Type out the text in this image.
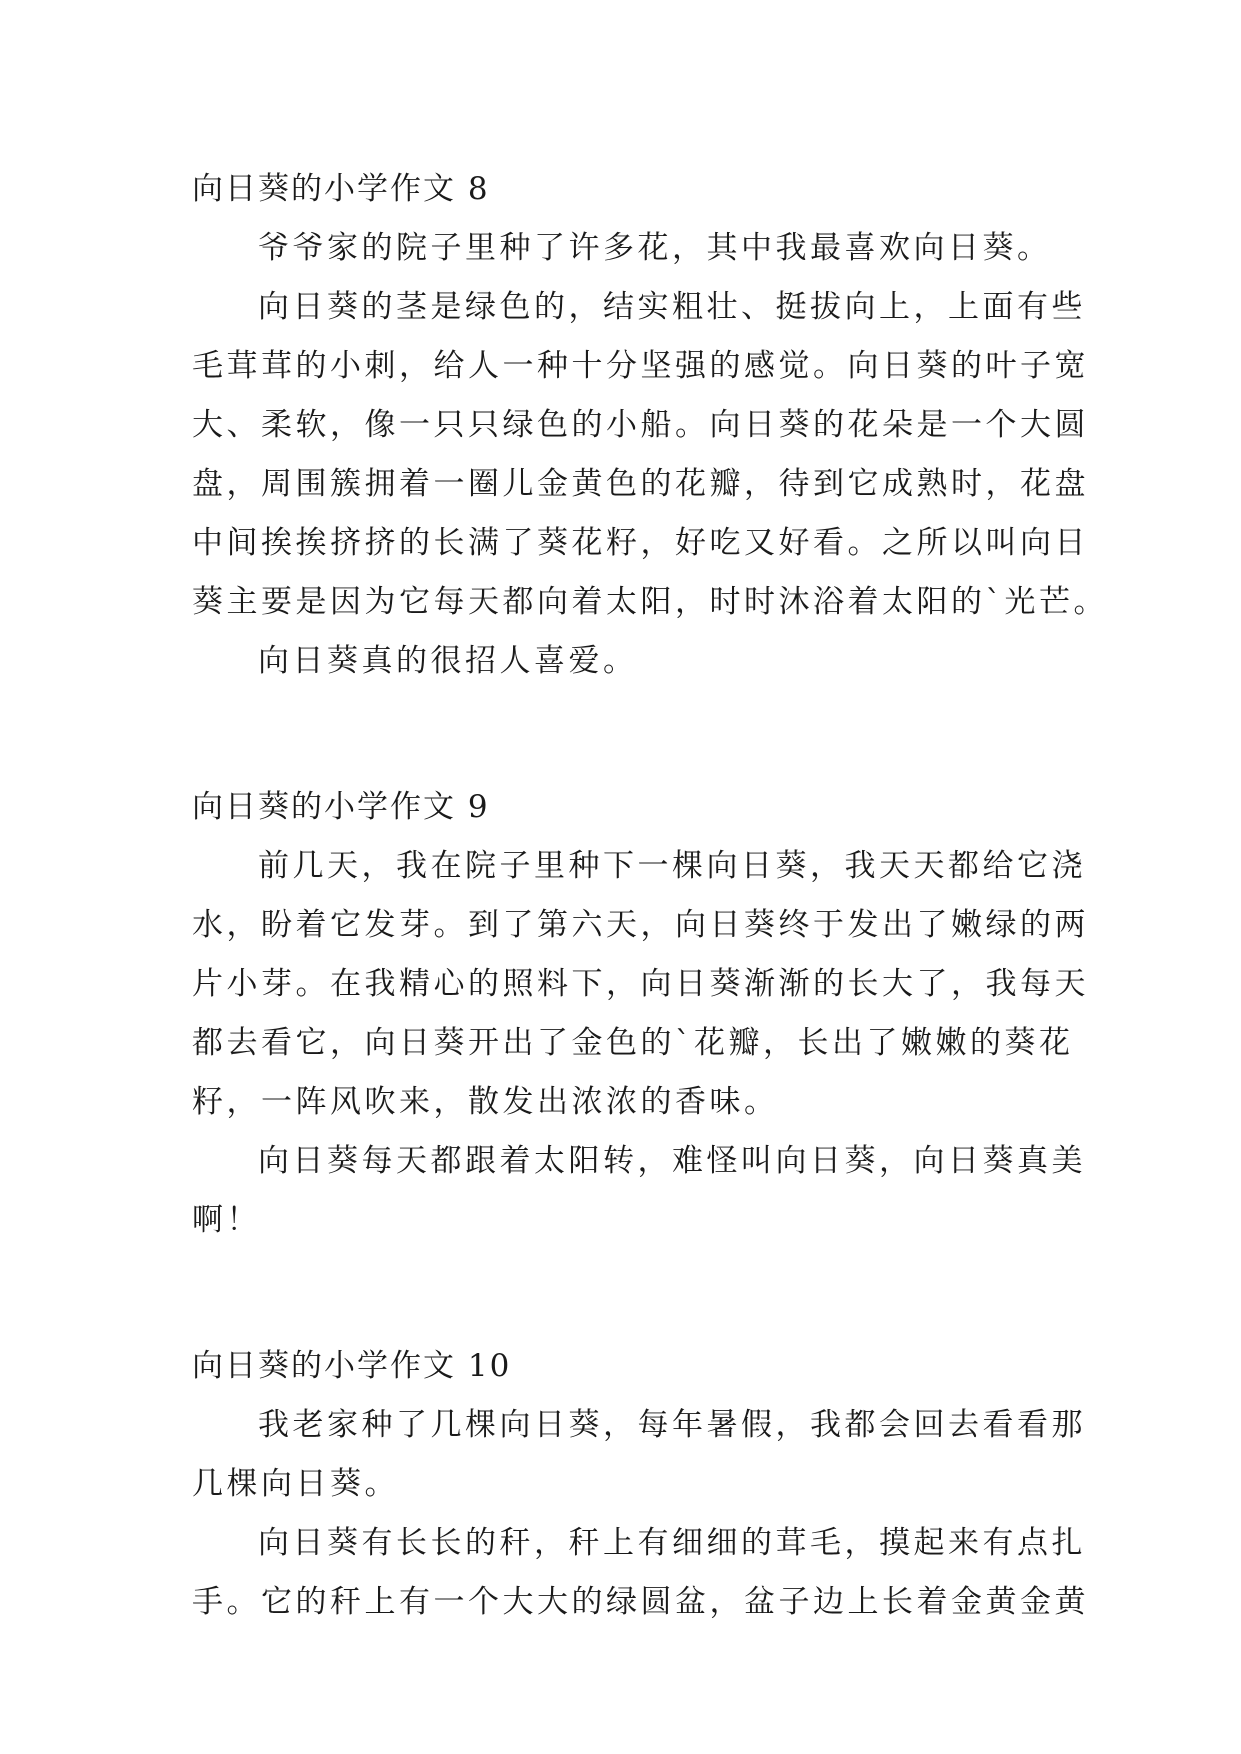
向日葵的小学作文 8
爷爷家的院子里种了许多花，其中我最喜欢向日葵。
向日葵的茎是绿色的，结实粗壮、挺拔向上，上面有些
毛茸茸的小刺，给人一种十分坚强的感觉。向日葵的叶子宽
大、柔软，像一只只绿色的小船。向日葵的花朵是一个大圆
盘，周围簇拥着一圈儿金黄色的花瓣，待到它成熟时，花盘
中间挨挨挤挤的长满了葵花籽，好吃又好看。之所以叫向日
葵主要是因为它每天都向着太阳，时时沐浴着太阳的`光芒。
向日葵真的很招人喜爱。
向日葵的小学作文 9
前几天，我在院子里种下一棵向日葵，我天天都给它浇
水，盼着它发芽。到了第六天，向日葵终于发出了嫩绿的两
片小芽。在我精心的照料下，向日葵渐渐的长大了，我每天
都去看它，向日葵开出了金色的`花瓣，长出了嫩嫩的葵花
籽，一阵风吹来，散发出浓浓的香味。
向日葵每天都跟着太阳转，难怪叫向日葵，向日葵真美
啊！
向日葵的小学作文 10
我老家种了几棵向日葵，每年暑假，我都会回去看看那
几棵向日葵。
向日葵有长长的秆，秆上有细细的茸毛，摸起来有点扎
手。它的秆上有一个大大的绿圆盆，盆子边上长着金黄金黄
